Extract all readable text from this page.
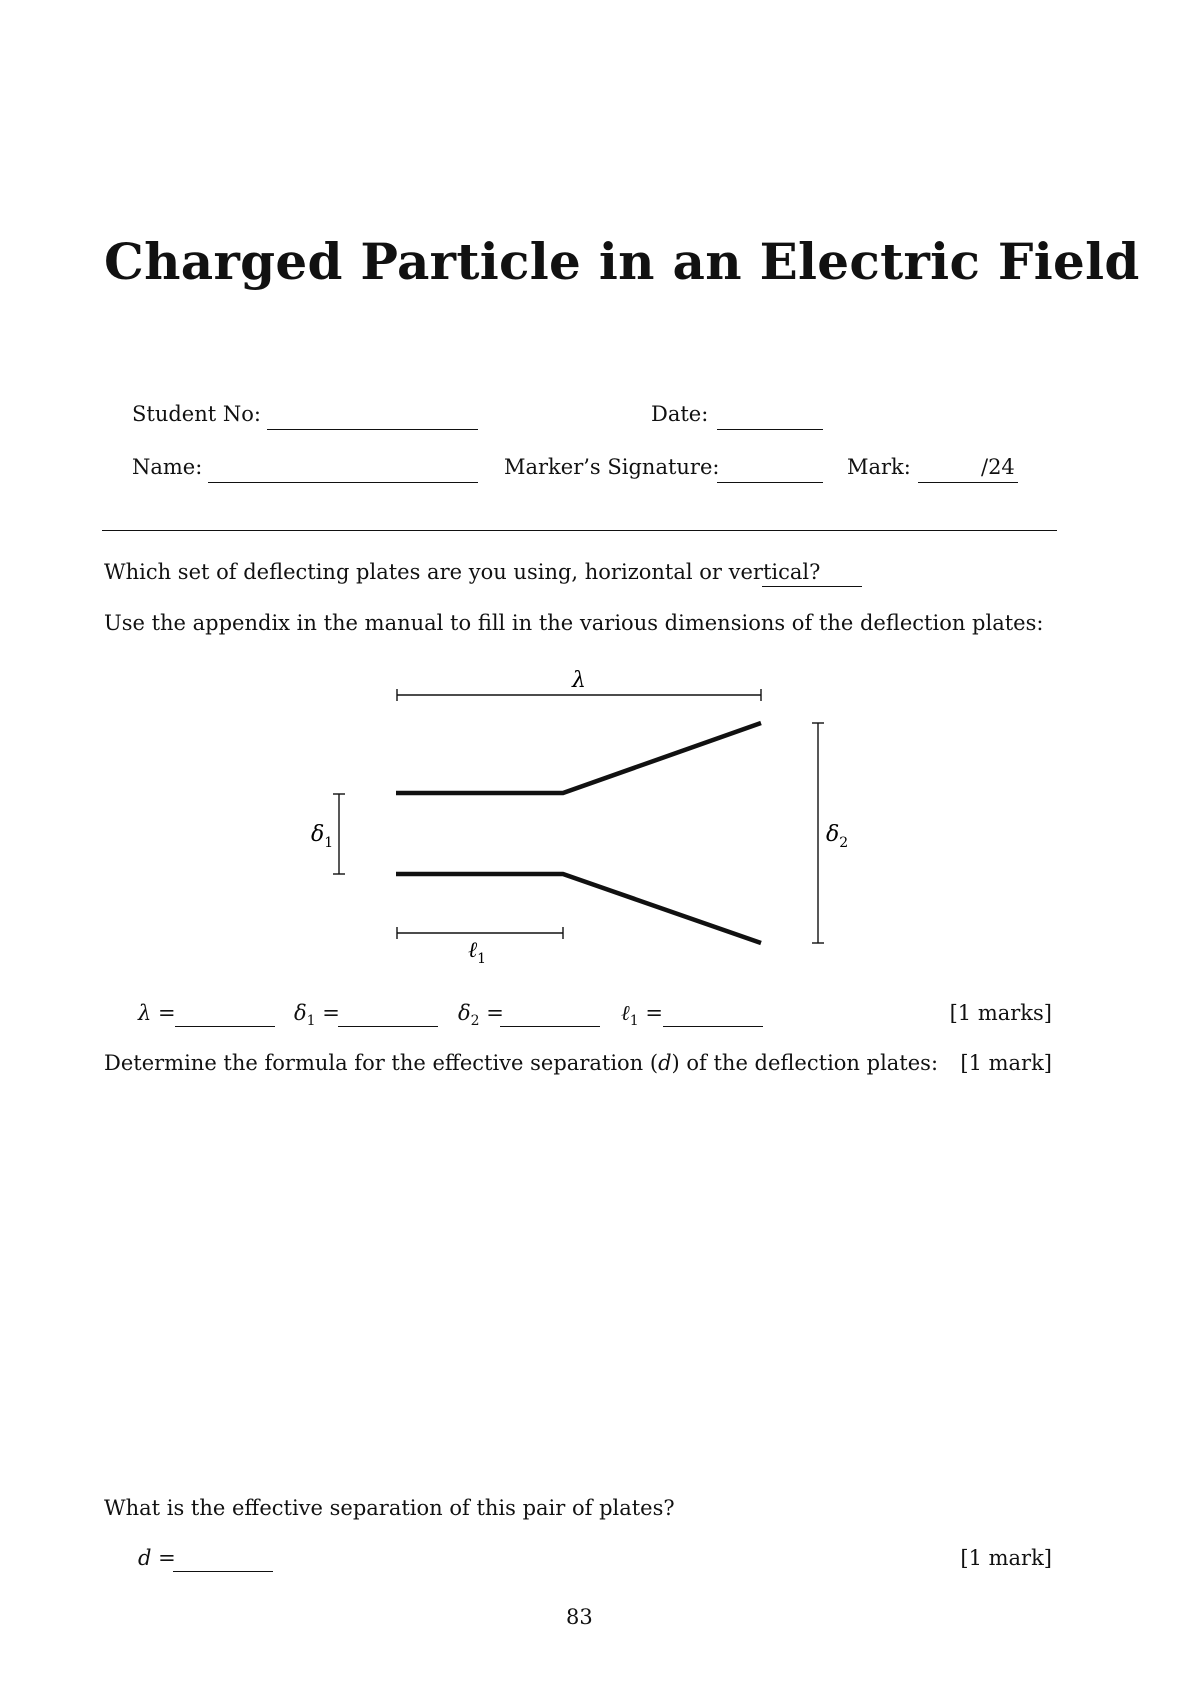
Charged Particle in an Electric Field
Student No:	Date:
Name:	Marker’s Signature:	Mark:	/24
Which set of deflecting plates are you using, horizontal or vertical?
Use the appendix in the manual to fill in the various dimensions of the deflection plates:
λ
$\delta_1$	$\delta_2$
ℓ$_1$
λ =	$\delta_1$ =	$\delta_2$ =	ℓ$_1$ =	[1 marks]
Determine the formula for the effective separation (d) of the deflection plates: [1 mark]
What is the effective separation of this pair of plates?
d =	[1 mark]
83
